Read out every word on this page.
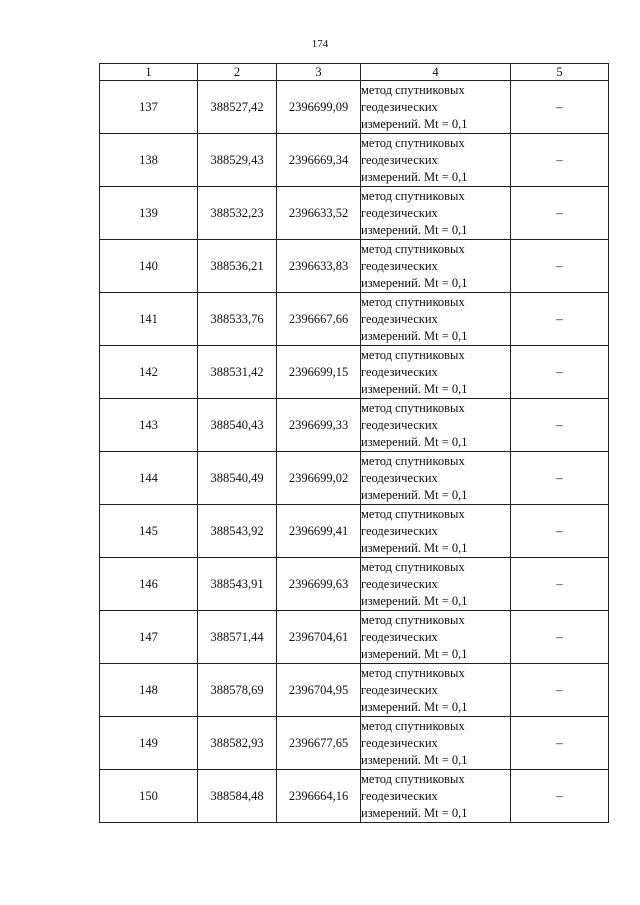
174
1	2	3	4	5
137	388527,42	2396699,09	метод спутниковых
геодезических
измерений. Mt = 0,1	–
138	388529,43	2396669,34	метод спутниковых
геодезических
измерений. Mt = 0,1	–
139	388532,23	2396633,52	метод спутниковых
геодезических
измерений. Mt = 0,1	–
140	388536,21	2396633,83	метод спутниковых
геодезических
измерений. Mt = 0,1	–
141	388533,76	2396667,66	метод спутниковых
геодезических
измерений. Mt = 0,1	–
142	388531,42	2396699,15	метод спутниковых
геодезических
измерений. Mt = 0,1	–
143	388540,43	2396699,33	метод спутниковых
геодезических
измерений. Mt = 0,1	–
144	388540,49	2396699,02	метод спутниковых
геодезических
измерений. Mt = 0,1	–
145	388543,92	2396699,41	метод спутниковых
геодезических
измерений. Mt = 0,1	–
146	388543,91	2396699,63	метод спутниковых
геодезических
измерений. Mt = 0,1	–
147	388571,44	2396704,61	метод спутниковых
геодезических
измерений. Mt = 0,1	–
148	388578,69	2396704,95	метод спутниковых
геодезических
измерений. Mt = 0,1	–
149	388582,93	2396677,65	метод спутниковых
геодезических
измерений. Mt = 0,1	–
150	388584,48	2396664,16	метод спутниковых
геодезических
измерений. Mt = 0,1	–
